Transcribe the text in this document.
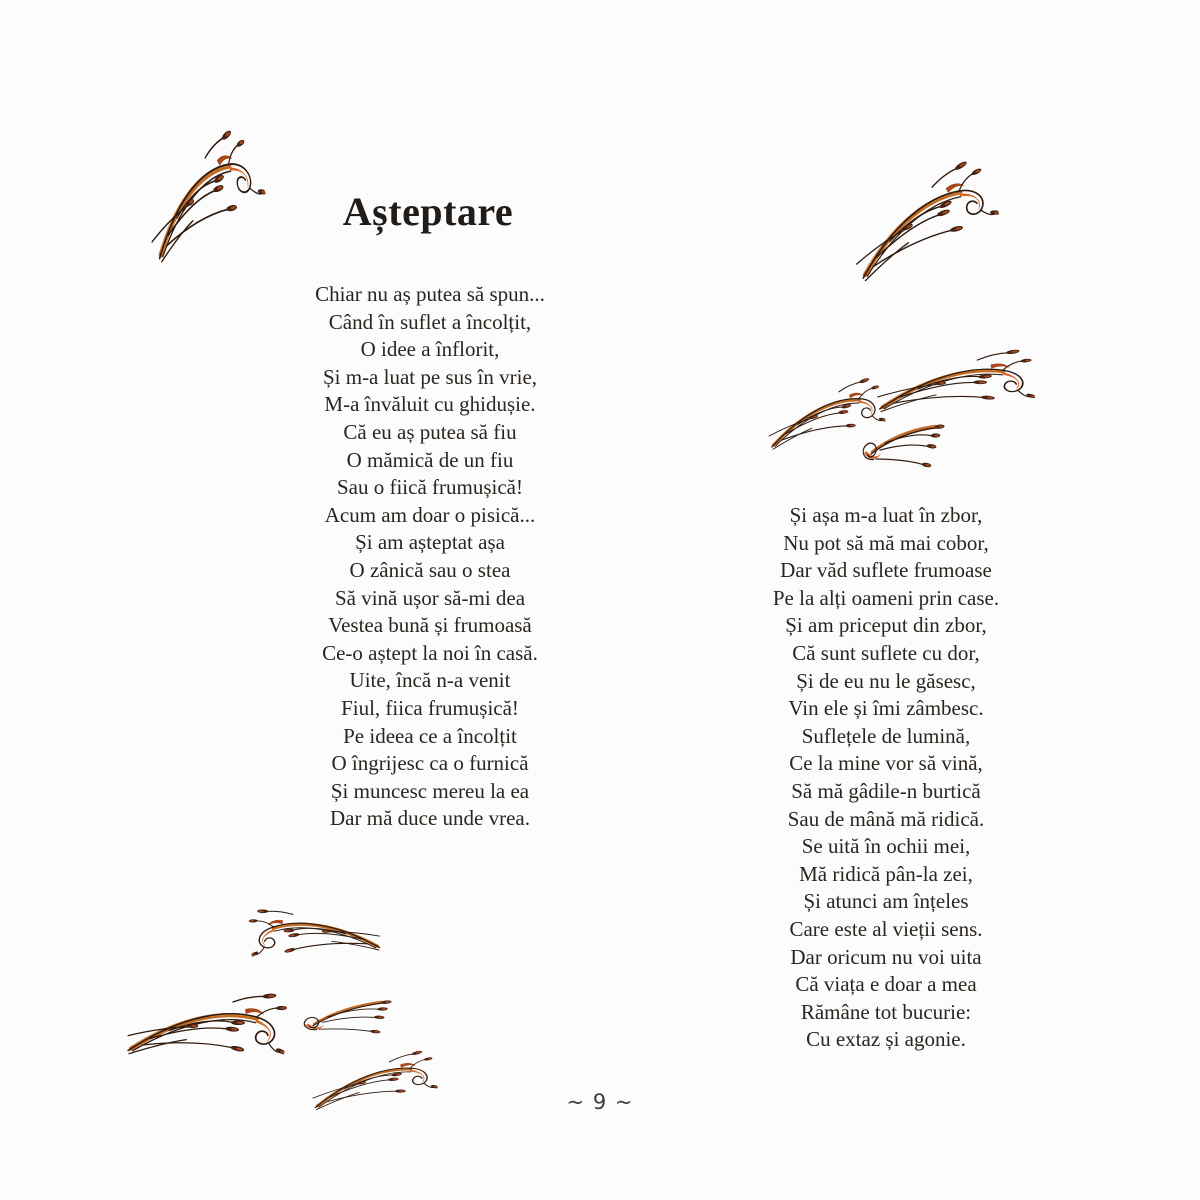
Așteptare
Chiar nu aș putea să spun...
Când în suflet a încolțit,
O idee a înflorit,
Și m-a luat pe sus în vrie,
M-a învăluit cu ghidușie.
Că eu aș putea să fiu
O mămică de un fiu
Sau o fiică frumușică!
Acum am doar o pisică...
Și am așteptat așa
O zânică sau o stea
Să vină ușor să-mi dea
Vestea bună și frumoasă
Ce-o aștept la noi în casă.
Uite, încă n-a venit
Fiul, fiica frumușică!
Pe ideea ce a încolțit
O îngrijesc ca o furnică
Și muncesc mereu la ea
Dar mă duce unde vrea.
Și așa m-a luat în zbor,
Nu pot să mă mai cobor,
Dar văd suflete frumoase
Pe la alți oameni prin case.
Și am priceput din zbor,
Că sunt suflete cu dor,
Și de eu nu le găsesc,
Vin ele și îmi zâmbesc.
Suflețele de lumină,
Ce la mine vor să vină,
Să mă gâdile-n burtică
Sau de mână mă ridică.
Se uită în ochii mei,
Mă ridică pân-la zei,
Și atunci am înțeles
Care este al vieții sens.
Dar oricum nu voi uita
Că viața e doar a mea
Rămâne tot bucurie:
Cu extaz și agonie.
~ 9 ~
